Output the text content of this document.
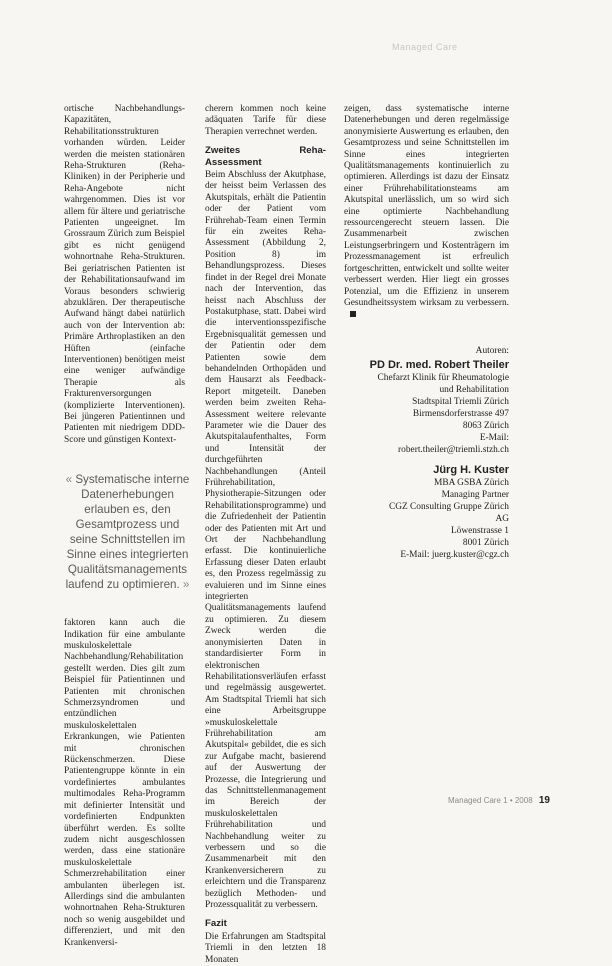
Managed Care

ortische Nachbehandlungs-Kapazitäten, Rehabilitationsstrukturen vorhanden würden. Leider werden die meisten stationären Reha-Strukturen (Reha-Kliniken) in der Peripherie und Reha-Angebote nicht wahrgenommen. Dies ist vor allem für ältere und geriatrische Patienten ungeeignet. Im Grossraum Zürich zum Beispiel gibt es nicht genügend wohnortnahe Reha-Strukturen. Bei geriatrischen Patienten ist der Rehabilitationsaufwand im Voraus besonders schwierig abzuklären. Der therapeutische Aufwand hängt dabei natürlich auch von der Intervention ab: Primäre Arthroplastiken an den Hüften (einfache Interventionen) benötigen meist eine weniger aufwändige Therapie als Frakturenversorgungen (komplizierte Interventionen). Bei jüngeren Patientinnen und Patienten mit niedrigem DDD-Score und günstigen Kontext-

« Systematische interne Datenerhebungen erlauben es, den Gesamtprozess und seine Schnittstellen im Sinne eines integrierten Qualitätsmanagements laufend zu optimieren. »

faktoren kann auch die Indikation für eine ambulante muskuloskelettale Nachbehandlung/Rehabilitation gestellt werden. Dies gilt zum Beispiel für Patientinnen und Patienten mit chronischen Schmerzsyndromen und entzündlichen muskuloskelettalen Erkrankungen, wie Patienten mit chronischen Rückenschmerzen. Diese Patientengruppe könnte in ein vordefiniertes ambulantes multimodales Reha-Programm mit definierter Intensität und vordefinierten Endpunkten überführt werden. Es sollte zudem nicht ausgeschlossen werden, dass eine stationäre muskuloskelettale Schmerzrehabilitation einer ambulanten überlegen ist. Allerdings sind die ambulanten wohnortnahen Reha-Strukturen noch so wenig ausgebildet und differenziert, und mit den Krankenversi-

cherern kommen noch keine adäquaten Tarife für diese Therapien verrechnet werden.

Zweites Reha-Assessment

Beim Abschluss der Akutphase, der heisst beim Verlassen des Akutspitals, erhält die Patientin oder der Patient vom Frührehab-Team einen Termin für ein zweites Reha-Assessment (Abbildung 2, Position 8) im Behandlungsprozess. Dieses findet in der Regel drei Monate nach der Intervention, das heisst nach Abschluss der Postakutphase, statt. Dabei wird die interventionsspezifische Ergebnisqualität gemessen und der Patientin oder dem Patienten sowie dem behandelnden Orthopäden und dem Hausarzt als Feedback-Report mitgeteilt. Daneben werden beim zweiten Reha-Assessment weitere relevante Parameter wie die Dauer des Akutspitalaufenthaltes, Form und Intensität der durchgeführten Nachbehandlungen (Anteil Frührehabilitation, Physiotherapie-Sitzungen oder Rehabilitationsprogramme) und die Zufriedenheit der Patientin oder des Patienten mit Art und Ort der Nachbehandlung erfasst. Die kontinuierliche Erfassung dieser Daten erlaubt es, den Prozess regelmässig zu evaluieren und im Sinne eines integrierten Qualitätsmanagements laufend zu optimieren. Zu diesem Zweck werden die anonymisierten Daten in standardisierter Form in elektronischen Rehabilitationsverläufen erfasst und regelmässig ausgewertet. Am Stadtspital Triemli hat sich eine Arbeitsgruppe »muskuloskelettale Frührehabilitation am Akutspital« gebildet, die es sich zur Aufgabe macht, basierend auf der Auswertung der Prozesse, die Integrierung und das Schnittstellenmanagement im Bereich der muskuloskelettalen Frührehabilitation und Nachbehandlung weiter zu verbessern und so die Zusammenarbeit mit den Krankenversicherern zu erleichtern und die Transparenz bezüglich Methoden- und Prozessqualität zu verbessern.

Fazit

Die Erfahrungen am Stadtspital Triemli in den letzten 18 Monaten

zeigen, dass systematische interne Datenerhebungen und deren regelmässige anonymisierte Auswertung es erlauben, den Gesamtprozess und seine Schnittstellen im Sinne eines integrierten Qualitätsmanagements kontinuierlich zu optimieren. Allerdings ist dazu der Einsatz einer Frührehabilitationsteams am Akutspital unerlässlich, um so wird sich eine optimierte Nachbehandlung ressourcengerecht steuern lassen. Die Zusammenarbeit zwischen Leistungserbringern und Kostenträgern im Prozessmanagement ist erfreulich fortgeschritten, entwickelt und sollte weiter verbessert werden. Hier liegt ein grosses Potenzial, um die Effizienz in unserem Gesundheitssystem wirksam zu verbessern.

Autoren:
PD Dr. med. Robert Theiler
Chefarzt Klinik für Rheumatologie
und Rehabilitation
Stadtspital Triemli Zürich
Birmensdorferstrasse 497
8063 Zürich
E-Mail:
robert.theiler@triemli.stzh.ch
Jürg H. Kuster
MBA GSBA Zürich
Managing Partner
CGZ Consulting Gruppe Zürich
AG
Löwenstrasse 1
8001 Zürich
E-Mail: juerg.kuster@cgz.ch
Managed Care 1 • 2008 19
